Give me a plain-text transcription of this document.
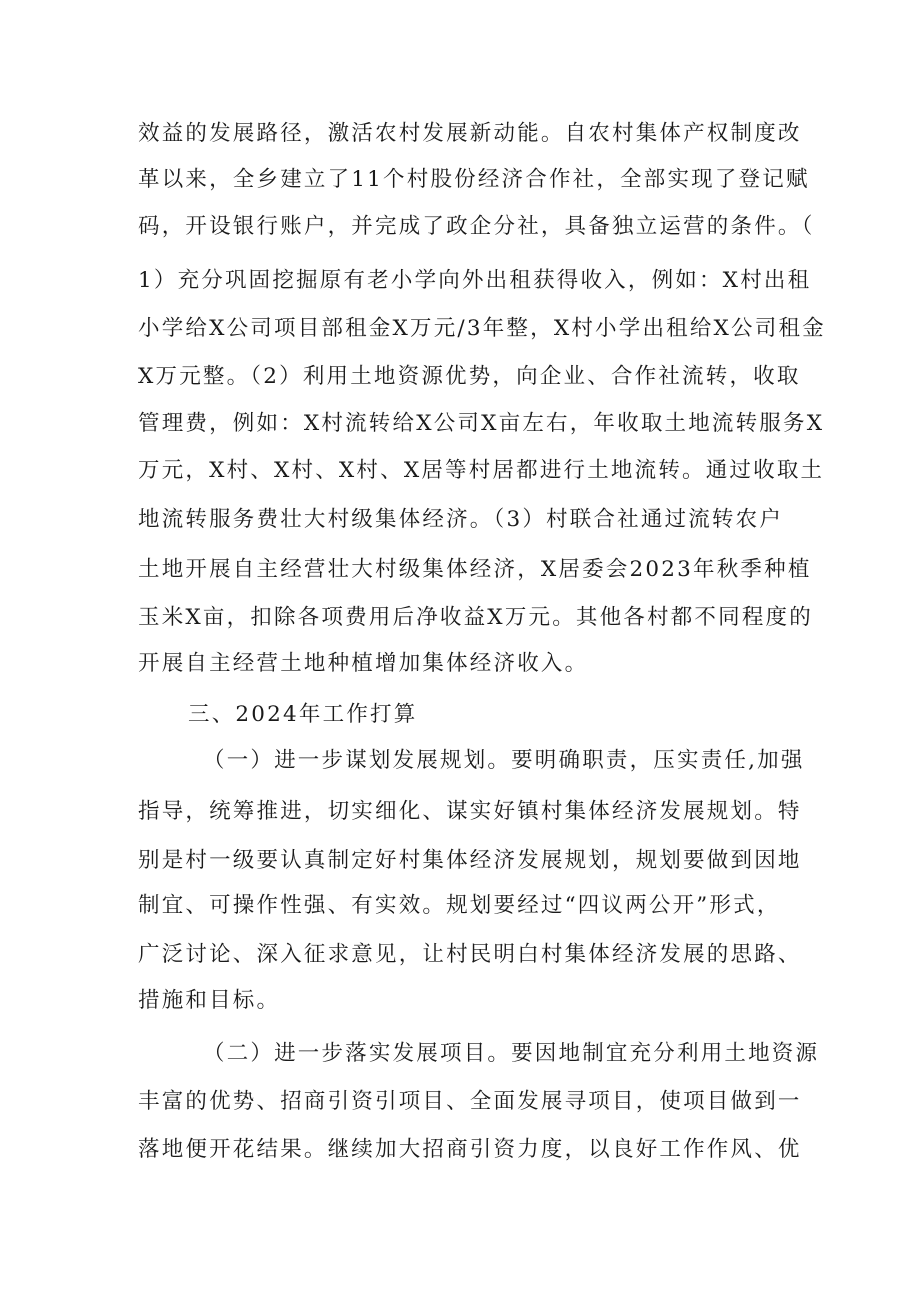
效益的发展路径，激活农村发展新动能。自农村集体产权制度改
革以来，全乡建立了11个村股份经济合作社，全部实现了登记赋
码，开设银行账户，并完成了政企分社，具备独立运营的条件。（
1）充分巩固挖掘原有老小学向外出租获得收入，例如：X村出租
小学给X公司项目部租金X万元/3年整，X村小学出租给X公司租金
X万元整。（2）利用土地资源优势，向企业、合作社流转，收取
管理费，例如：X村流转给X公司X亩左右，年收取土地流转服务X
万元，X村、X村、X村、X居等村居都进行土地流转。通过收取土
地流转服务费壮大村级集体经济。（3）村联合社通过流转农户
土地开展自主经营壮大村级集体经济，X居委会2023年秋季种植
玉米X亩，扣除各项费用后净收益X万元。其他各村都不同程度的
开展自主经营土地种植增加集体经济收入。
三、2024年工作打算
（一）进一步谋划发展规划。要明确职责，压实责任,加强
指导，统筹推进，切实细化、谋实好镇村集体经济发展规划。特
别是村一级要认真制定好村集体经济发展规划，规划要做到因地
制宜、可操作性强、有实效。规划要经过“四议两公开”形式，
广泛讨论、深入征求意见，让村民明白村集体经济发展的思路、
措施和目标。
（二）进一步落实发展项目。要因地制宜充分利用土地资源
丰富的优势、招商引资引项目、全面发展寻项目，使项目做到一
落地便开花结果。继续加大招商引资力度，以良好工作作风、优
